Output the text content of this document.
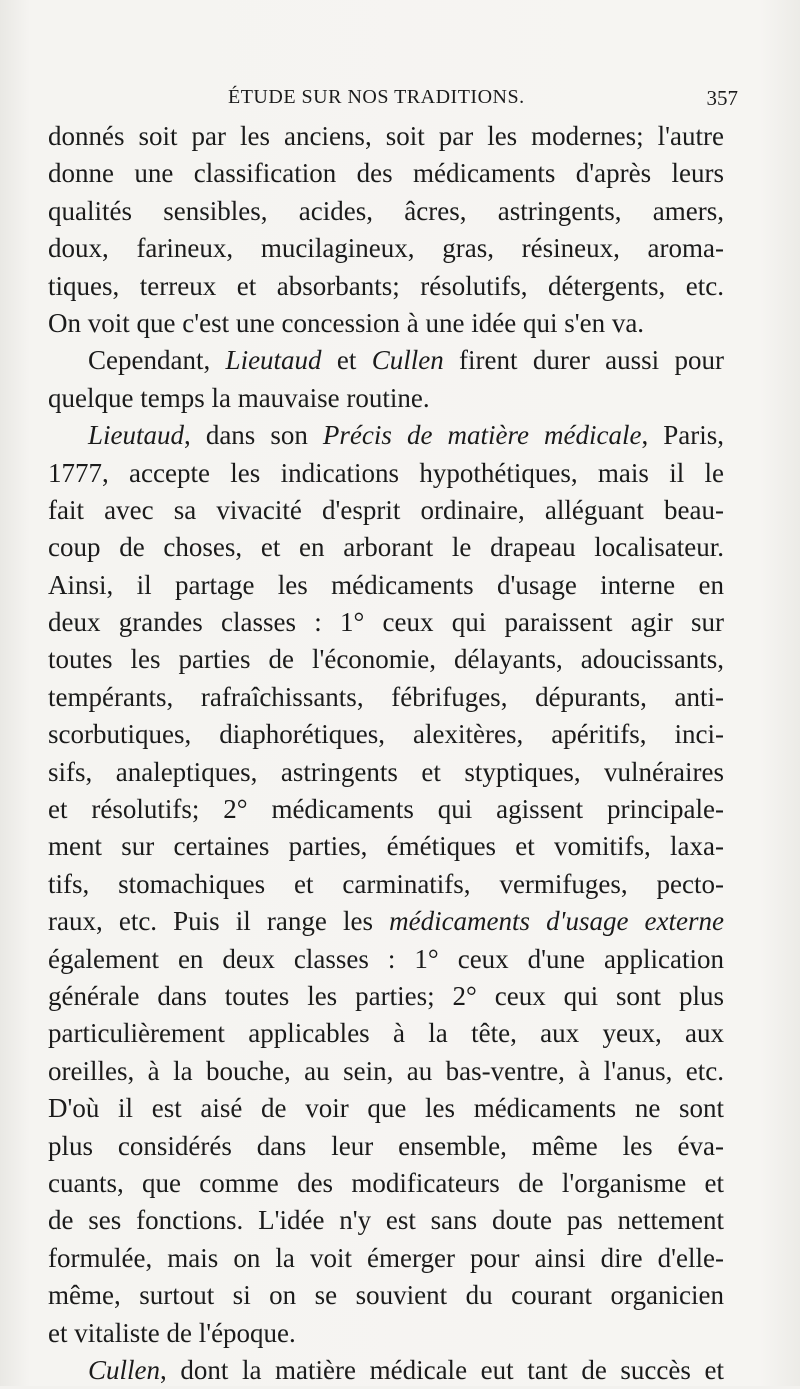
ÉTUDE SUR NOS TRADITIONS.	357
donnés soit par les anciens, soit par les modernes; l'autre
donne une classification des médicaments d'après leurs
qualités sensibles, acides, âcres, astringents, amers,
doux, farineux, mucilagineux, gras, résineux, aroma-
tiques, terreux et absorbants; résolutifs, détergents, etc.
On voit que c'est une concession à une idée qui s'en va.
Cependant, Lieutaud et Cullen firent durer aussi pour
quelque temps la mauvaise routine.
Lieutaud, dans son Précis de matière médicale, Paris,
1777, accepte les indications hypothétiques, mais il le
fait avec sa vivacité d'esprit ordinaire, alléguant beau-
coup de choses, et en arborant le drapeau localisateur.
Ainsi, il partage les médicaments d'usage interne en
deux grandes classes : 1° ceux qui paraissent agir sur
toutes les parties de l'économie, délayants, adoucissants,
tempérants, rafraîchissants, fébrifuges, dépurants, anti-
scorbutiques, diaphorétiques, alexitères, apéritifs, inci-
sifs, analeptiques, astringents et styptiques, vulnéraires
et résolutifs; 2° médicaments qui agissent principale-
ment sur certaines parties, émétiques et vomitifs, laxa-
tifs, stomachiques et carminatifs, vermifuges, pecto-
raux, etc. Puis il range les médicaments d'usage externe
également en deux classes : 1° ceux d'une application
générale dans toutes les parties; 2° ceux qui sont plus
particulièrement applicables à la tête, aux yeux, aux
oreilles, à la bouche, au sein, au bas-ventre, à l'anus, etc.
D'où il est aisé de voir que les médicaments ne sont
plus considérés dans leur ensemble, même les éva-
cuants, que comme des modificateurs de l'organisme et
de ses fonctions. L'idée n'y est sans doute pas nettement
formulée, mais on la voit émerger pour ainsi dire d'elle-
même, surtout si on se souvient du courant organicien
et vitaliste de l'époque.
Cullen, dont la matière médicale eut tant de succès et
